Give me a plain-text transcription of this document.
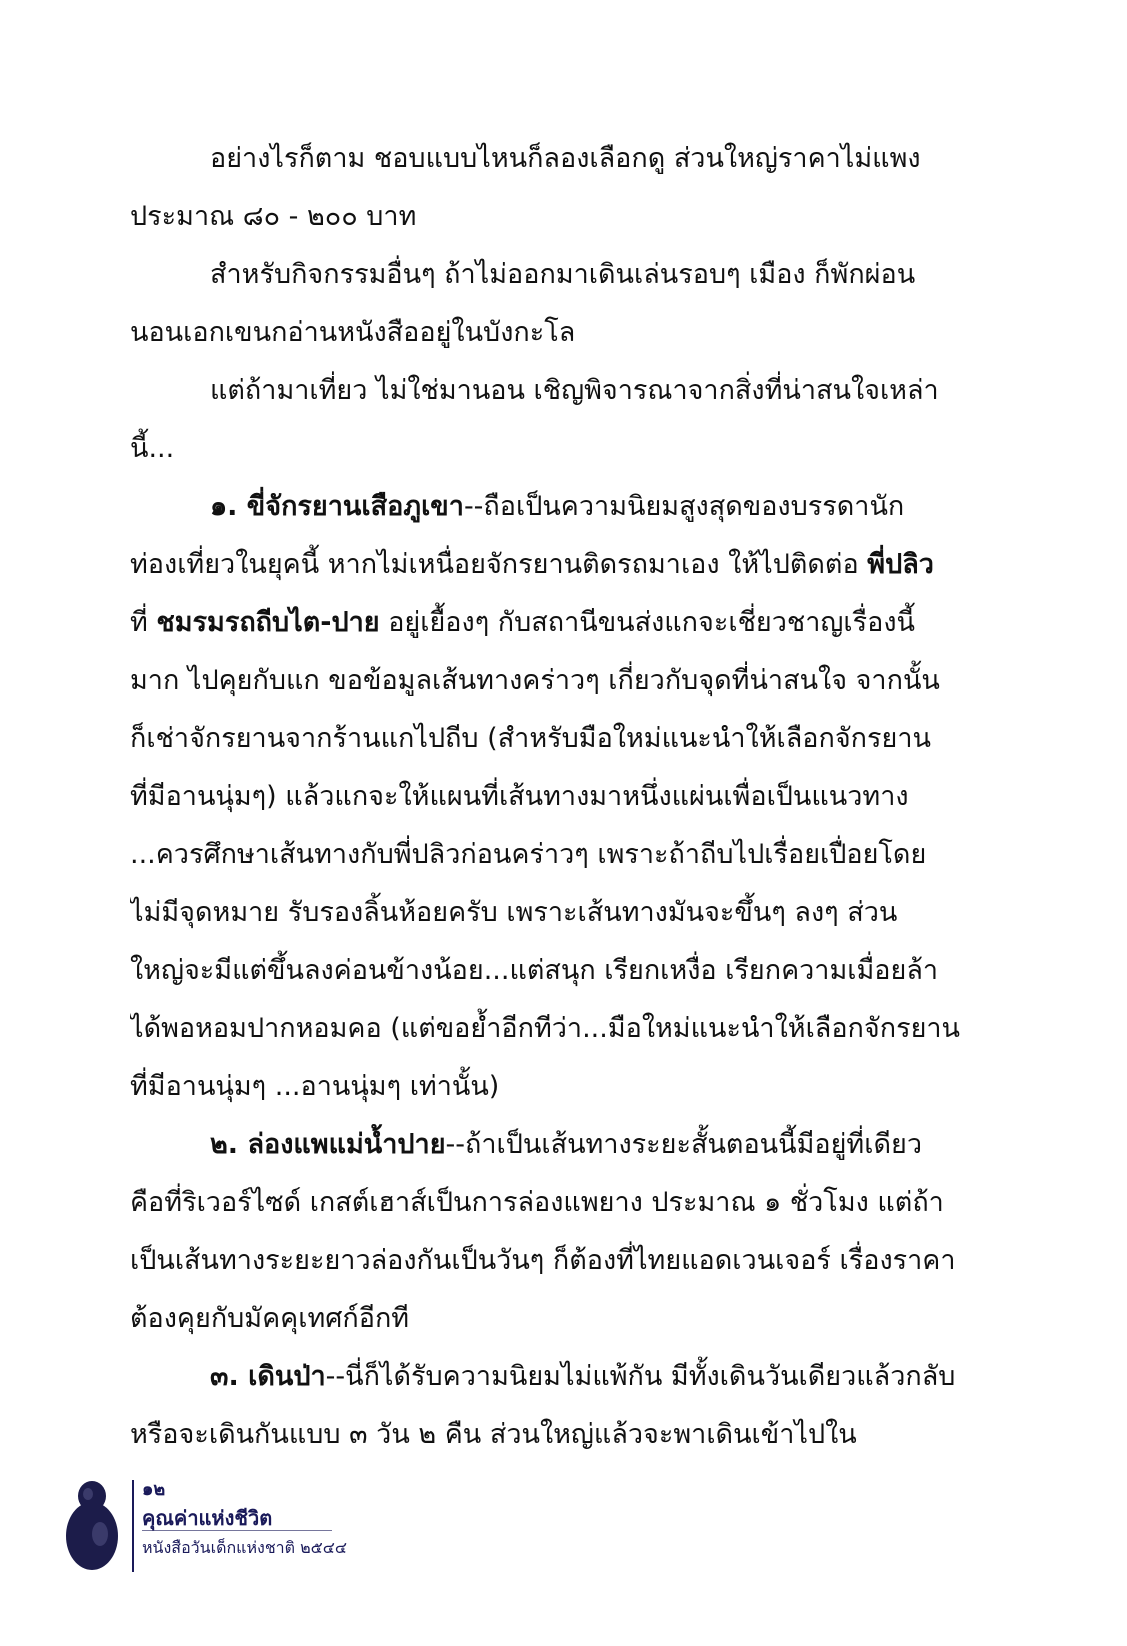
อย่างไรก็ตาม ชอบแบบไหนก็ลองเลือกดู ส่วนใหญ่ราคาไม่แพง
ประมาณ ๘๐ - ๒๐๐ บาท
สำหรับกิจกรรมอื่นๆ ถ้าไม่ออกมาเดินเล่นรอบๆ เมือง ก็พักผ่อน
นอนเอกเขนกอ่านหนังสืออยู่ในบังกะโล
แต่ถ้ามาเที่ยว ไม่ใช่มานอน เชิญพิจารณาจากสิ่งที่น่าสนใจเหล่า
นี้...
๑. ขี่จักรยานเสือภูเขา--ถือเป็นความนิยมสูงสุดของบรรดานัก
ท่องเที่ยวในยุคนี้ หากไม่เหนื่อยจักรยานติดรถมาเอง ให้ไปติดต่อ พี่ปลิว
ที่ ชมรมรถถีบไต-ปาย อยู่เยื้องๆ กับสถานีขนส่งแกจะเชี่ยวชาญเรื่องนี้
มาก ไปคุยกับแก ขอข้อมูลเส้นทางคร่าวๆ เกี่ยวกับจุดที่น่าสนใจ จากนั้น
ก็เช่าจักรยานจากร้านแกไปถีบ (สำหรับมือใหม่แนะนำให้เลือกจักรยาน
ที่มีอานนุ่มๆ) แล้วแกจะให้แผนที่เส้นทางมาหนึ่งแผ่นเพื่อเป็นแนวทาง
...ควรศึกษาเส้นทางกับพี่ปลิวก่อนคร่าวๆ เพราะถ้าถีบไปเรื่อยเปื่อยโดย
ไม่มีจุดหมาย รับรองลิ้นห้อยครับ เพราะเส้นทางมันจะขึ้นๆ ลงๆ ส่วน
ใหญ่จะมีแต่ขึ้นลงค่อนข้างน้อย...แต่สนุก เรียกเหงื่อ เรียกความเมื่อยล้า
ได้พอหอมปากหอมคอ (แต่ขอย้ำอีกทีว่า...มือใหม่แนะนำให้เลือกจักรยาน
ที่มีอานนุ่มๆ ...อานนุ่มๆ เท่านั้น)
๒. ล่องแพแม่น้ำปาย--ถ้าเป็นเส้นทางระยะสั้นตอนนี้มีอยู่ที่เดียว
คือที่ริเวอร์ไซด์ เกสต์เฮาส์เป็นการล่องแพยาง ประมาณ ๑ ชั่วโมง แต่ถ้า
เป็นเส้นทางระยะยาวล่องกันเป็นวันๆ ก็ต้องที่ไทยแอดเวนเจอร์ เรื่องราคา
ต้องคุยกับมัคคุเทศก์อีกที
๓. เดินป่า--นี่ก็ได้รับความนิยมไม่แพ้กัน มีทั้งเดินวันเดียวแล้วกลับ
หรือจะเดินกันแบบ ๓ วัน ๒ คืน ส่วนใหญ่แล้วจะพาเดินเข้าไปใน
๑๒
คุณค่าแห่งชีวิต
หนังสือวันเด็กแห่งชาติ ๒๕๔๔
